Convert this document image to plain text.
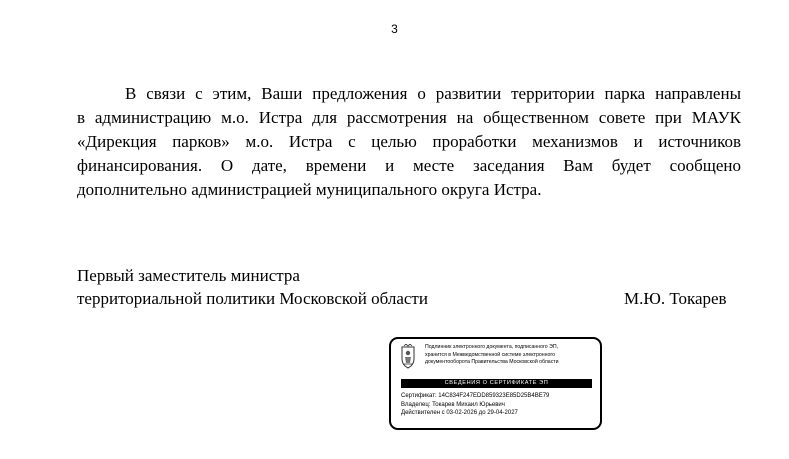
3
В связи с этим, Ваши предложения о развитии территории парка направлены
в администрацию м.о. Истра для рассмотрения на общественном совете при МАУК
«Дирекция парков» м.о. Истра с целью проработки механизмов и источников
финансирования. О дате, времени и месте заседания Вам будет сообщено
дополнительно администрацией муниципального округа Истра.
Первый заместитель министра
территориальной политики Московской области	М.Ю. Токарев
Подлинник электронного документа, подписанного ЭП,
хранится в Межведомственной системе электронного
документооборота Правительства Московской области
СВЕДЕНИЯ О СЕРТИФИКАТЕ ЭП
Сертификат: 14C834F247EDD859323E85D25B4BE79
Владелец: Токарев Михаил Юрьевич
Действителен с 03-02-2026 до 29-04-2027
